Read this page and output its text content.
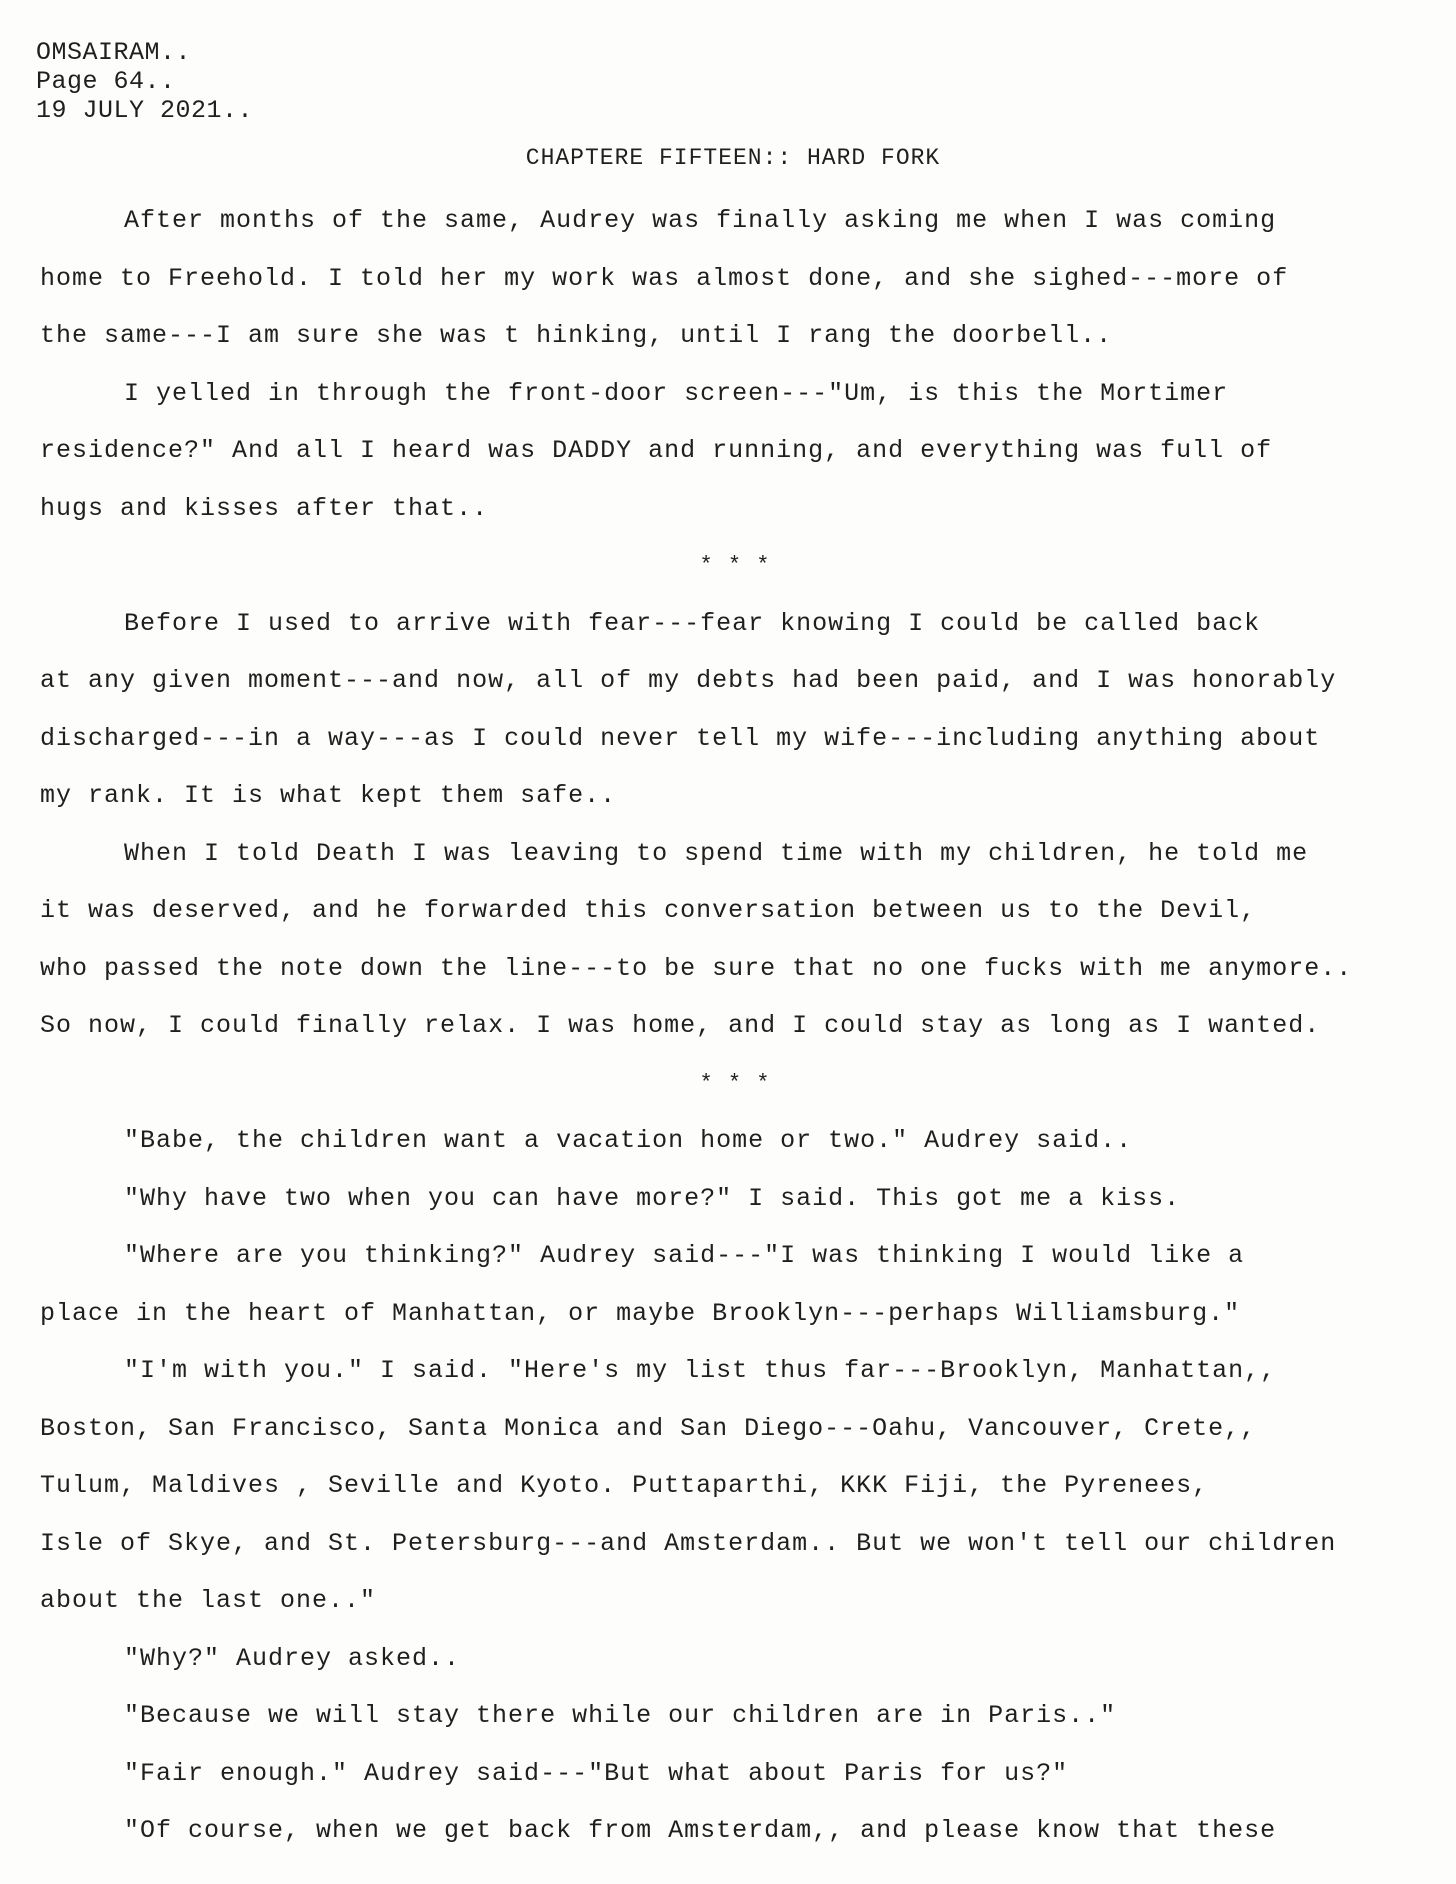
OMSAIRAM..
Page 64..
19 JULY 2021..
CHAPTERE FIFTEEN:: HARD FORK
After months of the same, Audrey was finally asking me when I was coming
home to Freehold. I told her my work was almost done, and she sighed---more of
the same---I am sure she was t hinking, until I rang the doorbell..
I yelled in through the front-door screen---"Um, is this the Mortimer
residence?" And all I heard was DADDY and running, and everything was full of
hugs and kisses after that..
* * *
Before I used to arrive with fear---fear knowing I could be called back
at any given moment---and now, all of my debts had been paid, and I was honorably
discharged---in a way---as I could never tell my wife---including anything about
my rank. It is what kept them safe..
When I told Death I was leaving to spend time with my children, he told me
it was deserved, and he forwarded this conversation between us to the Devil,
who passed the note down the line---to be sure that no one fucks with me anymore..
So now, I could finally relax. I was home, and I could stay as long as I wanted.
* * *
"Babe, the children want a vacation home or two." Audrey said..
"Why have two when you can have more?" I said. This got me a kiss.
"Where are you thinking?" Audrey said---"I was thinking I would like a
place in the heart of Manhattan, or maybe Brooklyn---perhaps Williamsburg."
"I'm with you." I said. "Here's my list thus far---Brooklyn, Manhattan,,
Boston, San Francisco, Santa Monica and San Diego---Oahu, Vancouver, Crete,,
Tulum, Maldives , Seville and Kyoto. Puttaparthi, KKK Fiji, the Pyrenees,
Isle of Skye, and St. Petersburg---and Amsterdam.. But we won't tell our children
about the last one.."
"Why?" Audrey asked..
"Because we will stay there while our children are in Paris.."
"Fair enough." Audrey said---"But what about Paris for us?"
"Of course, when we get back from Amsterdam,, and please know that these
